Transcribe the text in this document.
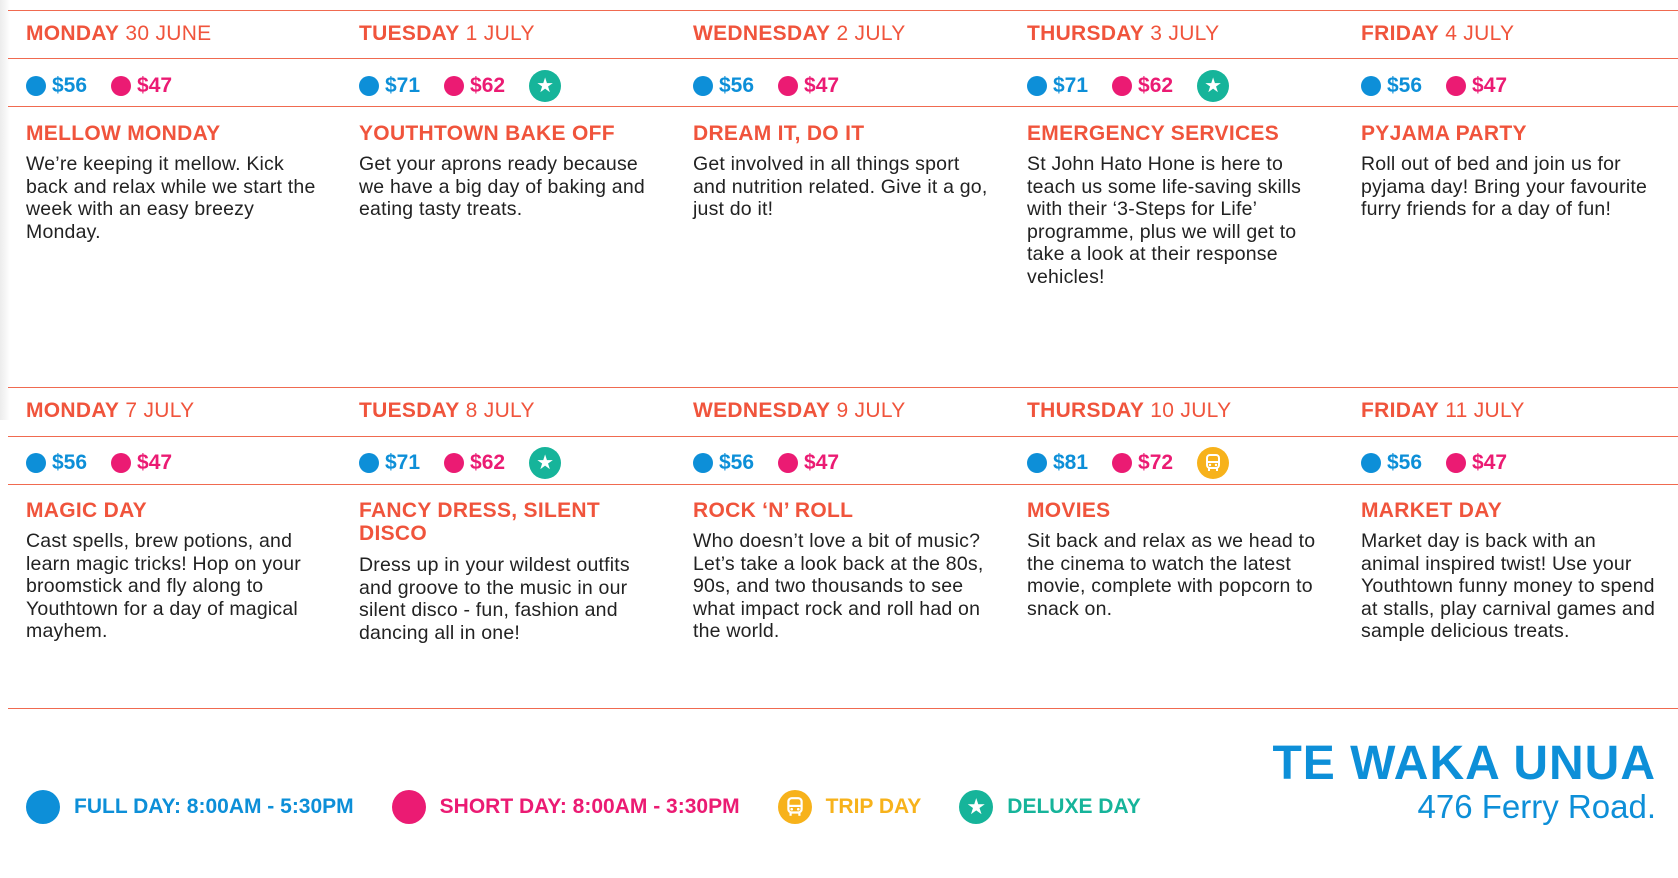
MONDAY 30 JUNE
$56 $47
MELLOW MONDAY
We’re keeping it mellow. Kick back and relax while we start the week with an easy breezy Monday.
TUESDAY 1 JULY
$71 $62	★
YOUTHTOWN BAKE OFF
Get your aprons ready because we have a big day of baking and eating tasty treats.
WEDNESDAY 2 JULY
$56 $47
DREAM IT, DO IT
Get involved in all things sport and nutrition related. Give it a go, just do it!
THURSDAY 3 JULY
$71 $62	★
EMERGENCY SERVICES
St John Hato Hone is here to teach us some life-saving skills with their ‘3-Steps for Life’ programme, plus we will get to take a look at their response vehicles!
FRIDAY 4 JULY
$56 $47
PYJAMA PARTY
Roll out of bed and join us for pyjama day! Bring your favourite furry friends for a day of fun!
MONDAY 7 JULY
$56 $47
MAGIC DAY
Cast spells, brew potions, and learn magic tricks! Hop on your broomstick and fly along to Youthtown for a day of magical mayhem.
TUESDAY 8 JULY
$71 $62	★
FANCY DRESS, SILENT DISCO
Dress up in your wildest outfits and groove to the music in our silent disco - fun, fashion and dancing all in one!
WEDNESDAY 9 JULY
$56 $47
ROCK ‘N’ ROLL
Who doesn’t love a bit of music? Let’s take a look back at the 80s, 90s, and two thousands to see what impact rock and roll had on the world.
THURSDAY 10 JULY
$81 $72
MOVIES
Sit back and relax as we head to the cinema to watch the latest movie, complete with popcorn to snack on.
FRIDAY 11 JULY
$56 $47
MARKET DAY
Market day is back with an animal inspired twist! Use your Youthtown funny money to spend at stalls, play carnival games and sample delicious treats.
FULL DAY: 8:00AM - 5:30PM	SHORT DAY: 8:00AM - 3:30PM	TRIP DAY	★	DELUXE DAY
TE WAKA UNUA
476 Ferry Road.
